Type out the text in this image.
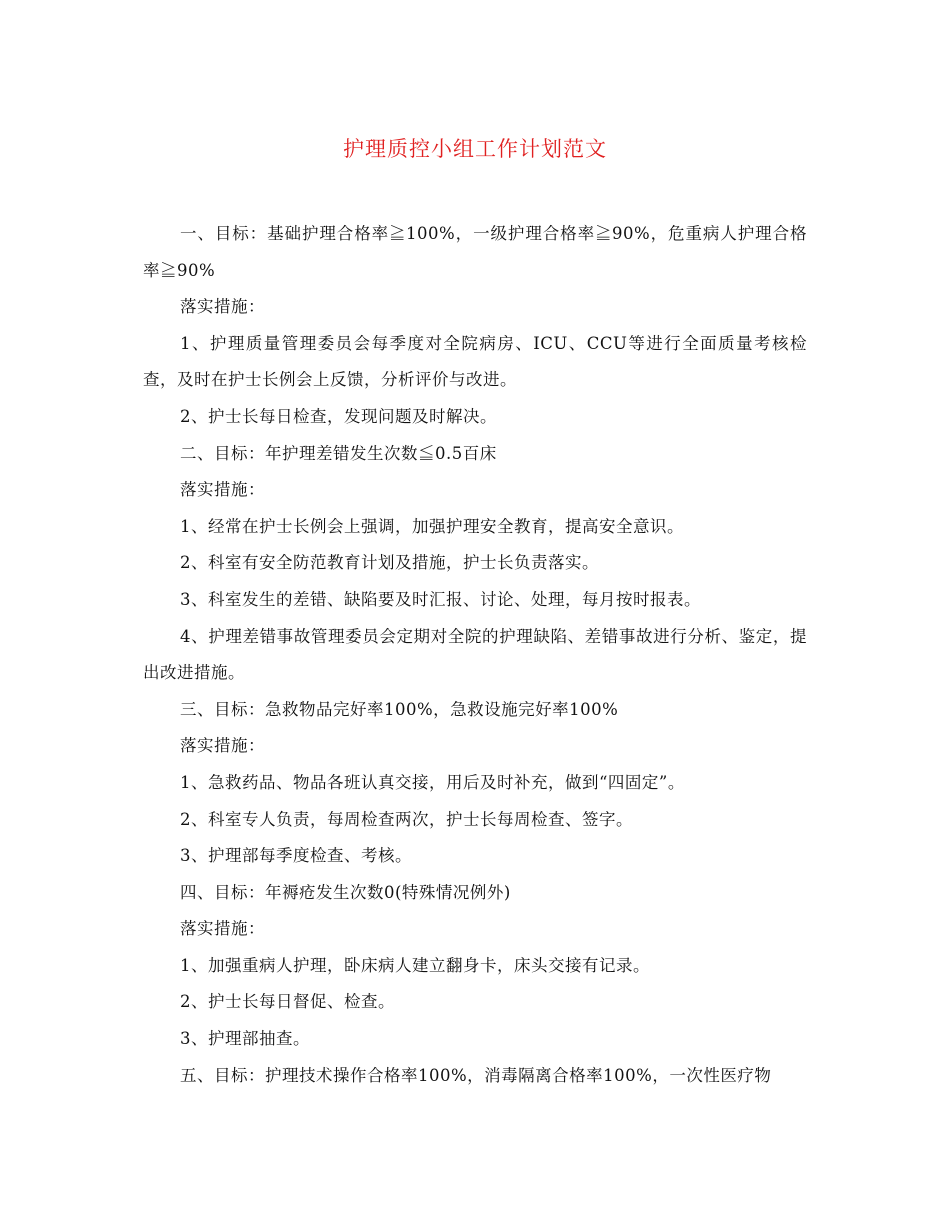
护理质控小组工作计划范文

一、目标：基础护理合格率≧100%，一级护理合格率≧90%，危重病人护理合格率≧90%

落实措施：

1、护理质量管理委员会每季度对全院病房、ICU、CCU等进行全面质量考核检查，及时在护士长例会上反馈，分析评价与改进。

2、护士长每日检查，发现问题及时解决。

二、目标：年护理差错发生次数≦0.5百床

落实措施：

1、经常在护士长例会上强调，加强护理安全教育，提高安全意识。

2、科室有安全防范教育计划及措施，护士长负责落实。

3、科室发生的差错、缺陷要及时汇报、讨论、处理，每月按时报表。

4、护理差错事故管理委员会定期对全院的护理缺陷、差错事故进行分析、鉴定，提出改进措施。

三、目标：急救物品完好率100%，急救设施完好率100%

落实措施：

1、急救药品、物品各班认真交接，用后及时补充，做到“四固定”。

2、科室专人负责，每周检查两次，护士长每周检查、签字。

3、护理部每季度检查、考核。

四、目标：年褥疮发生次数0(特殊情况例外)

落实措施：

1、加强重病人护理，卧床病人建立翻身卡，床头交接有记录。

2、护士长每日督促、检查。

3、护理部抽查。

五、目标：护理技术操作合格率100%，消毒隔离合格率100%，一次性医疗物
